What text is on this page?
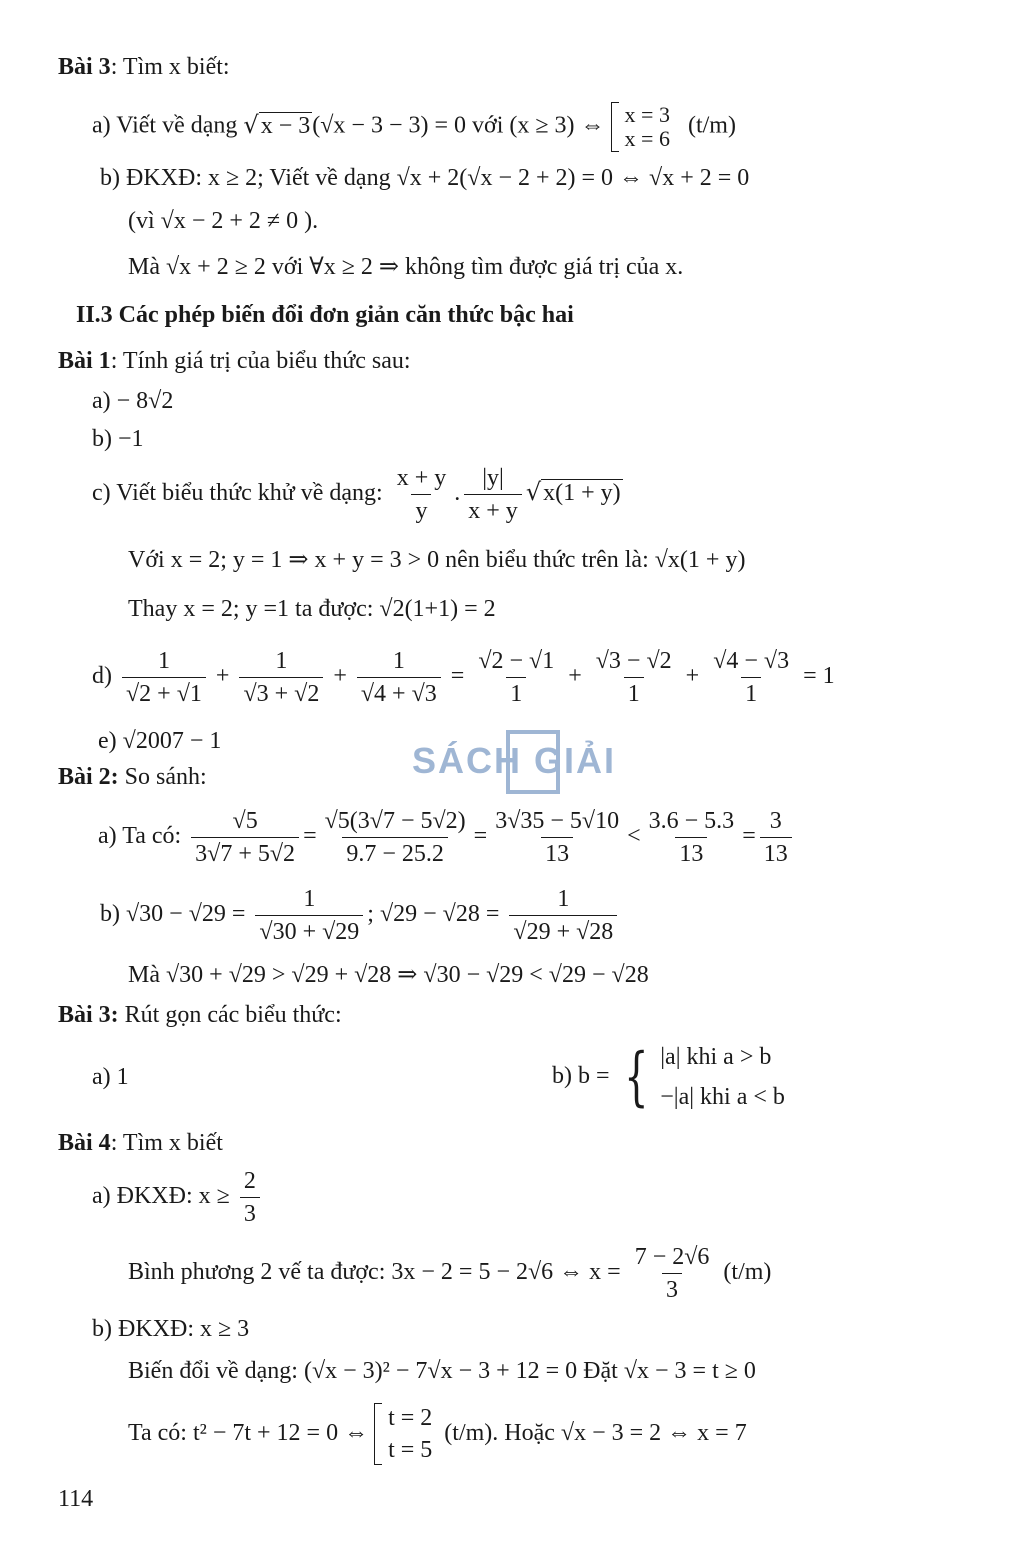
Bài 3: Tìm x biết:
a) Viết về dạng √x − 3(√x − 3 − 3) = 0 với (x ≥ 3) ⇔ x = 3
x = 6 (t/m)
b) ĐKXĐ: x ≥ 2; Viết về dạng √x + 2(√x − 2 + 2) = 0 ⇔ √x + 2 = 0
(vì √x − 2 + 2 ≠ 0 ).
Mà √x + 2 ≥ 2 với ∀x ≥ 2 ⇒ không tìm được giá trị của x.
II.3 Các phép biến đổi đơn giản căn thức bậc hai
Bài 1: Tính giá trị của biểu thức sau:
a) − 8√2
b) −1
c) Viết biểu thức khử về dạng: $\frac{x + y}{y}$ . $\frac{|y|}{x + y} √x(1 + y)$
Với x = 2; y = 1 ⇒ x + y = 3 > 0 nên biểu thức trên là: √x(1 + y)
Thay x = 2; y =1 ta được: √2(1+1) = 2
$d) \frac{1}{√2 + √1} + \frac{1}{√3 + √2} + \frac{1}{√4 + √3} = \frac{√2 - √1}{1} + \frac{√3 - √2}{1} + \frac{√4 - √3}{1} = 1$
e) √2007 − 1	SÁCH GIẢI
Bài 2: So sánh:
a) Ta có: $\frac{√5}{3√7 + 5√2} = \frac{√5(3√7 - 5√2)}{9.7 - 25.2} = \frac{3√35 - 5√10}{13} < \frac{3.6 - 5.3}{13} = \frac{3}{13}$
b) $√30 - √29 = \frac{1}{√30 + √29}$ ; $√29 - √28 = \frac{1}{√29 + √28}$
Mà √30 + √29 > √29 + √28 ⇒ √30 − √29 < √29 − √28
Bài 3: Rút gọn các biểu thức:
a) 1	b) b = { |a| khi a > b
−|a| khi a < b
Bài 4: Tìm x biết
a) ĐKXĐ: $x \ge \frac{2}{3}$
Bình phương 2 vế ta được: 3x − 2 = 5 − 2√6 ⇔ $x = \frac{7 - 2√6}{3} (t/m)$
b) ĐKXĐ: x ≥ 3
Biến đổi về dạng: (√x − 3)² − 7√x − 3 + 12 = 0 Đặt √x − 3 = t ≥ 0
Ta có: t² − 7t + 12 = 0 ⇔
t = 2
t = 5
(t/m). Hoặc √x − 3 = 2 ⇔ x = 7
114
